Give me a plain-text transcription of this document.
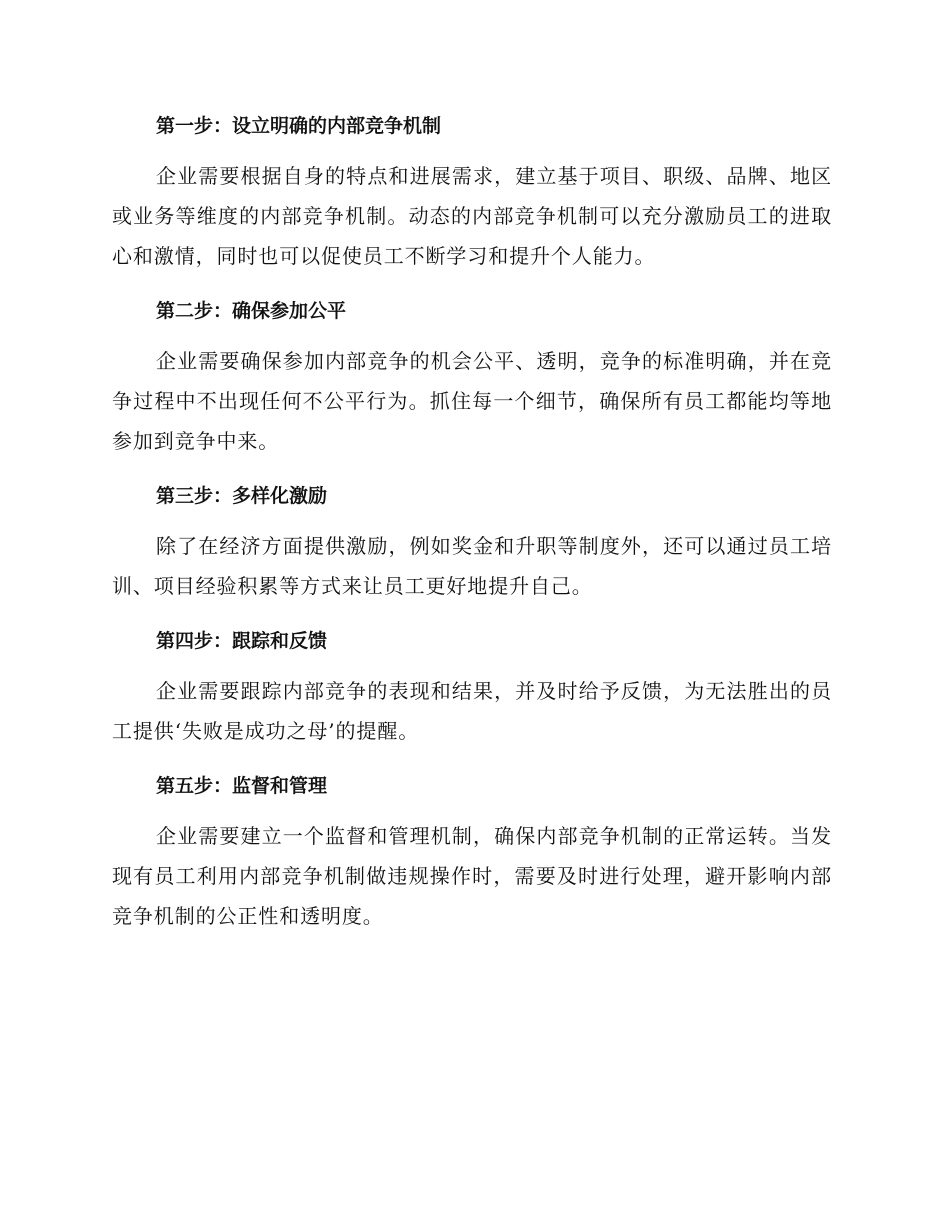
第一步：设立明确的内部竞争机制

企业需要根据自身的特点和进展需求，建立基于项目、职级、品牌、地区或业务等维度的内部竞争机制。动态的内部竞争机制可以充分激励员工的进取心和激情，同时也可以促使员工不断学习和提升个人能力。

第二步：确保参加公平

企业需要确保参加内部竞争的机会公平、透明，竞争的标准明确，并在竞争过程中不出现任何不公平行为。抓住每一个细节，确保所有员工都能均等地参加到竞争中来。

第三步：多样化激励

除了在经济方面提供激励，例如奖金和升职等制度外，还可以通过员工培训、项目经验积累等方式来让员工更好地提升自己。

第四步：跟踪和反馈

企业需要跟踪内部竞争的表现和结果，并及时给予反馈，为无法胜出的员工提供‘失败是成功之母’的提醒。

第五步：监督和管理

企业需要建立一个监督和管理机制，确保内部竞争机制的正常运转。当发现有员工利用内部竞争机制做违规操作时，需要及时进行处理，避开影响内部竞争机制的公正性和透明度。
